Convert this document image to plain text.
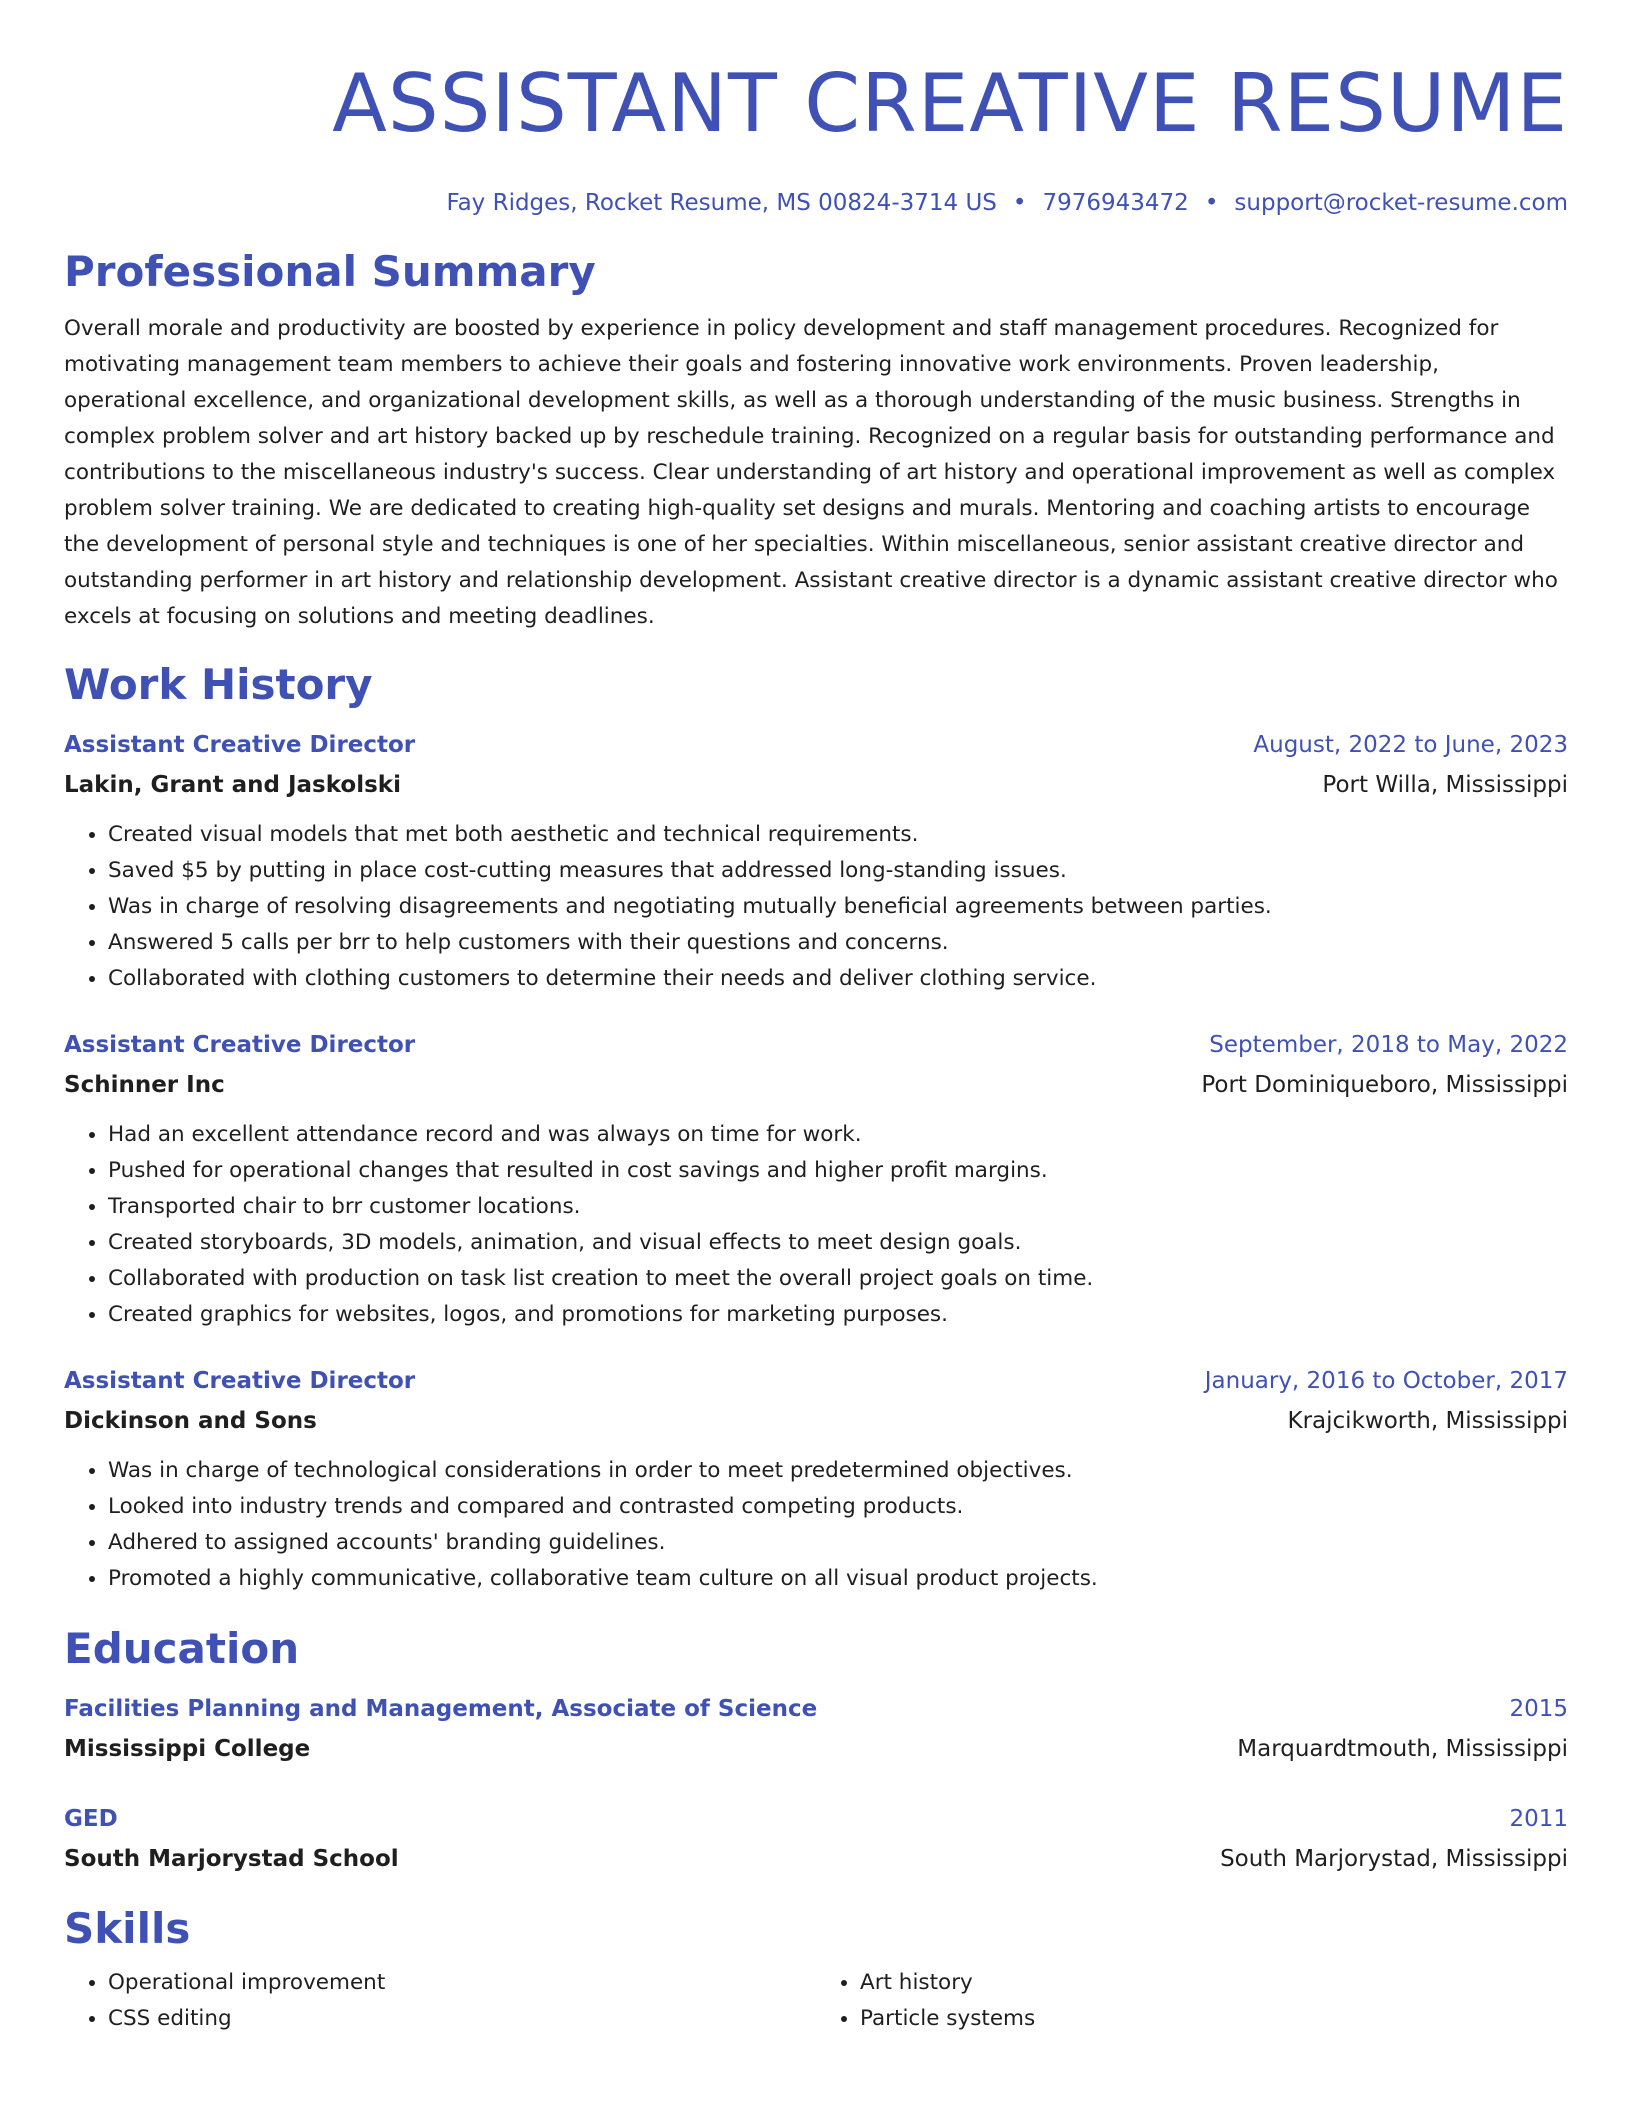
ASSISTANT CREATIVE RESUME
Fay Ridges, Rocket Resume, MS 00824-3714 US • 7976943472 • support@rocket-resume.com
Professional Summary
Overall morale and productivity are boosted by experience in policy development and staff management procedures. Recognized for motivating management team members to achieve their goals and fostering innovative work environments. Proven leadership, operational excellence, and organizational development skills, as well as a thorough understanding of the music business. Strengths in complex problem solver and art history backed up by reschedule training. Recognized on a regular basis for outstanding performance and contributions to the miscellaneous industry's success. Clear understanding of art history and operational improvement as well as complex problem solver training. We are dedicated to creating high-quality set designs and murals. Mentoring and coaching artists to encourage the development of personal style and techniques is one of her specialties. Within miscellaneous, senior assistant creative director and outstanding performer in art history and relationship development. Assistant creative director is a dynamic assistant creative director who excels at focusing on solutions and meeting deadlines.
Work History
Assistant Creative Director	August, 2022 to June, 2023
Lakin, Grant and Jaskolski	Port Willa, Mississippi
• Created visual models that met both aesthetic and technical requirements.
• Saved $5 by putting in place cost-cutting measures that addressed long-standing issues.
• Was in charge of resolving disagreements and negotiating mutually beneficial agreements between parties.
• Answered 5 calls per brr to help customers with their questions and concerns.
• Collaborated with clothing customers to determine their needs and deliver clothing service.
Assistant Creative Director	September, 2018 to May, 2022
Schinner Inc	Port Dominiqueboro, Mississippi
• Had an excellent attendance record and was always on time for work.
• Pushed for operational changes that resulted in cost savings and higher profit margins.
• Transported chair to brr customer locations.
• Created storyboards, 3D models, animation, and visual effects to meet design goals.
• Collaborated with production on task list creation to meet the overall project goals on time.
• Created graphics for websites, logos, and promotions for marketing purposes.
Assistant Creative Director	January, 2016 to October, 2017
Dickinson and Sons	Krajcikworth, Mississippi
• Was in charge of technological considerations in order to meet predetermined objectives.
• Looked into industry trends and compared and contrasted competing products.
• Adhered to assigned accounts' branding guidelines.
• Promoted a highly communicative, collaborative team culture on all visual product projects.
Education
Facilities Planning and Management, Associate of Science	2015
Mississippi College	Marquardtmouth, Mississippi
GED	2011
South Marjorystad School	South Marjorystad, Mississippi
Skills
• Operational improvement
• CSS editing
• Art history
• Particle systems
